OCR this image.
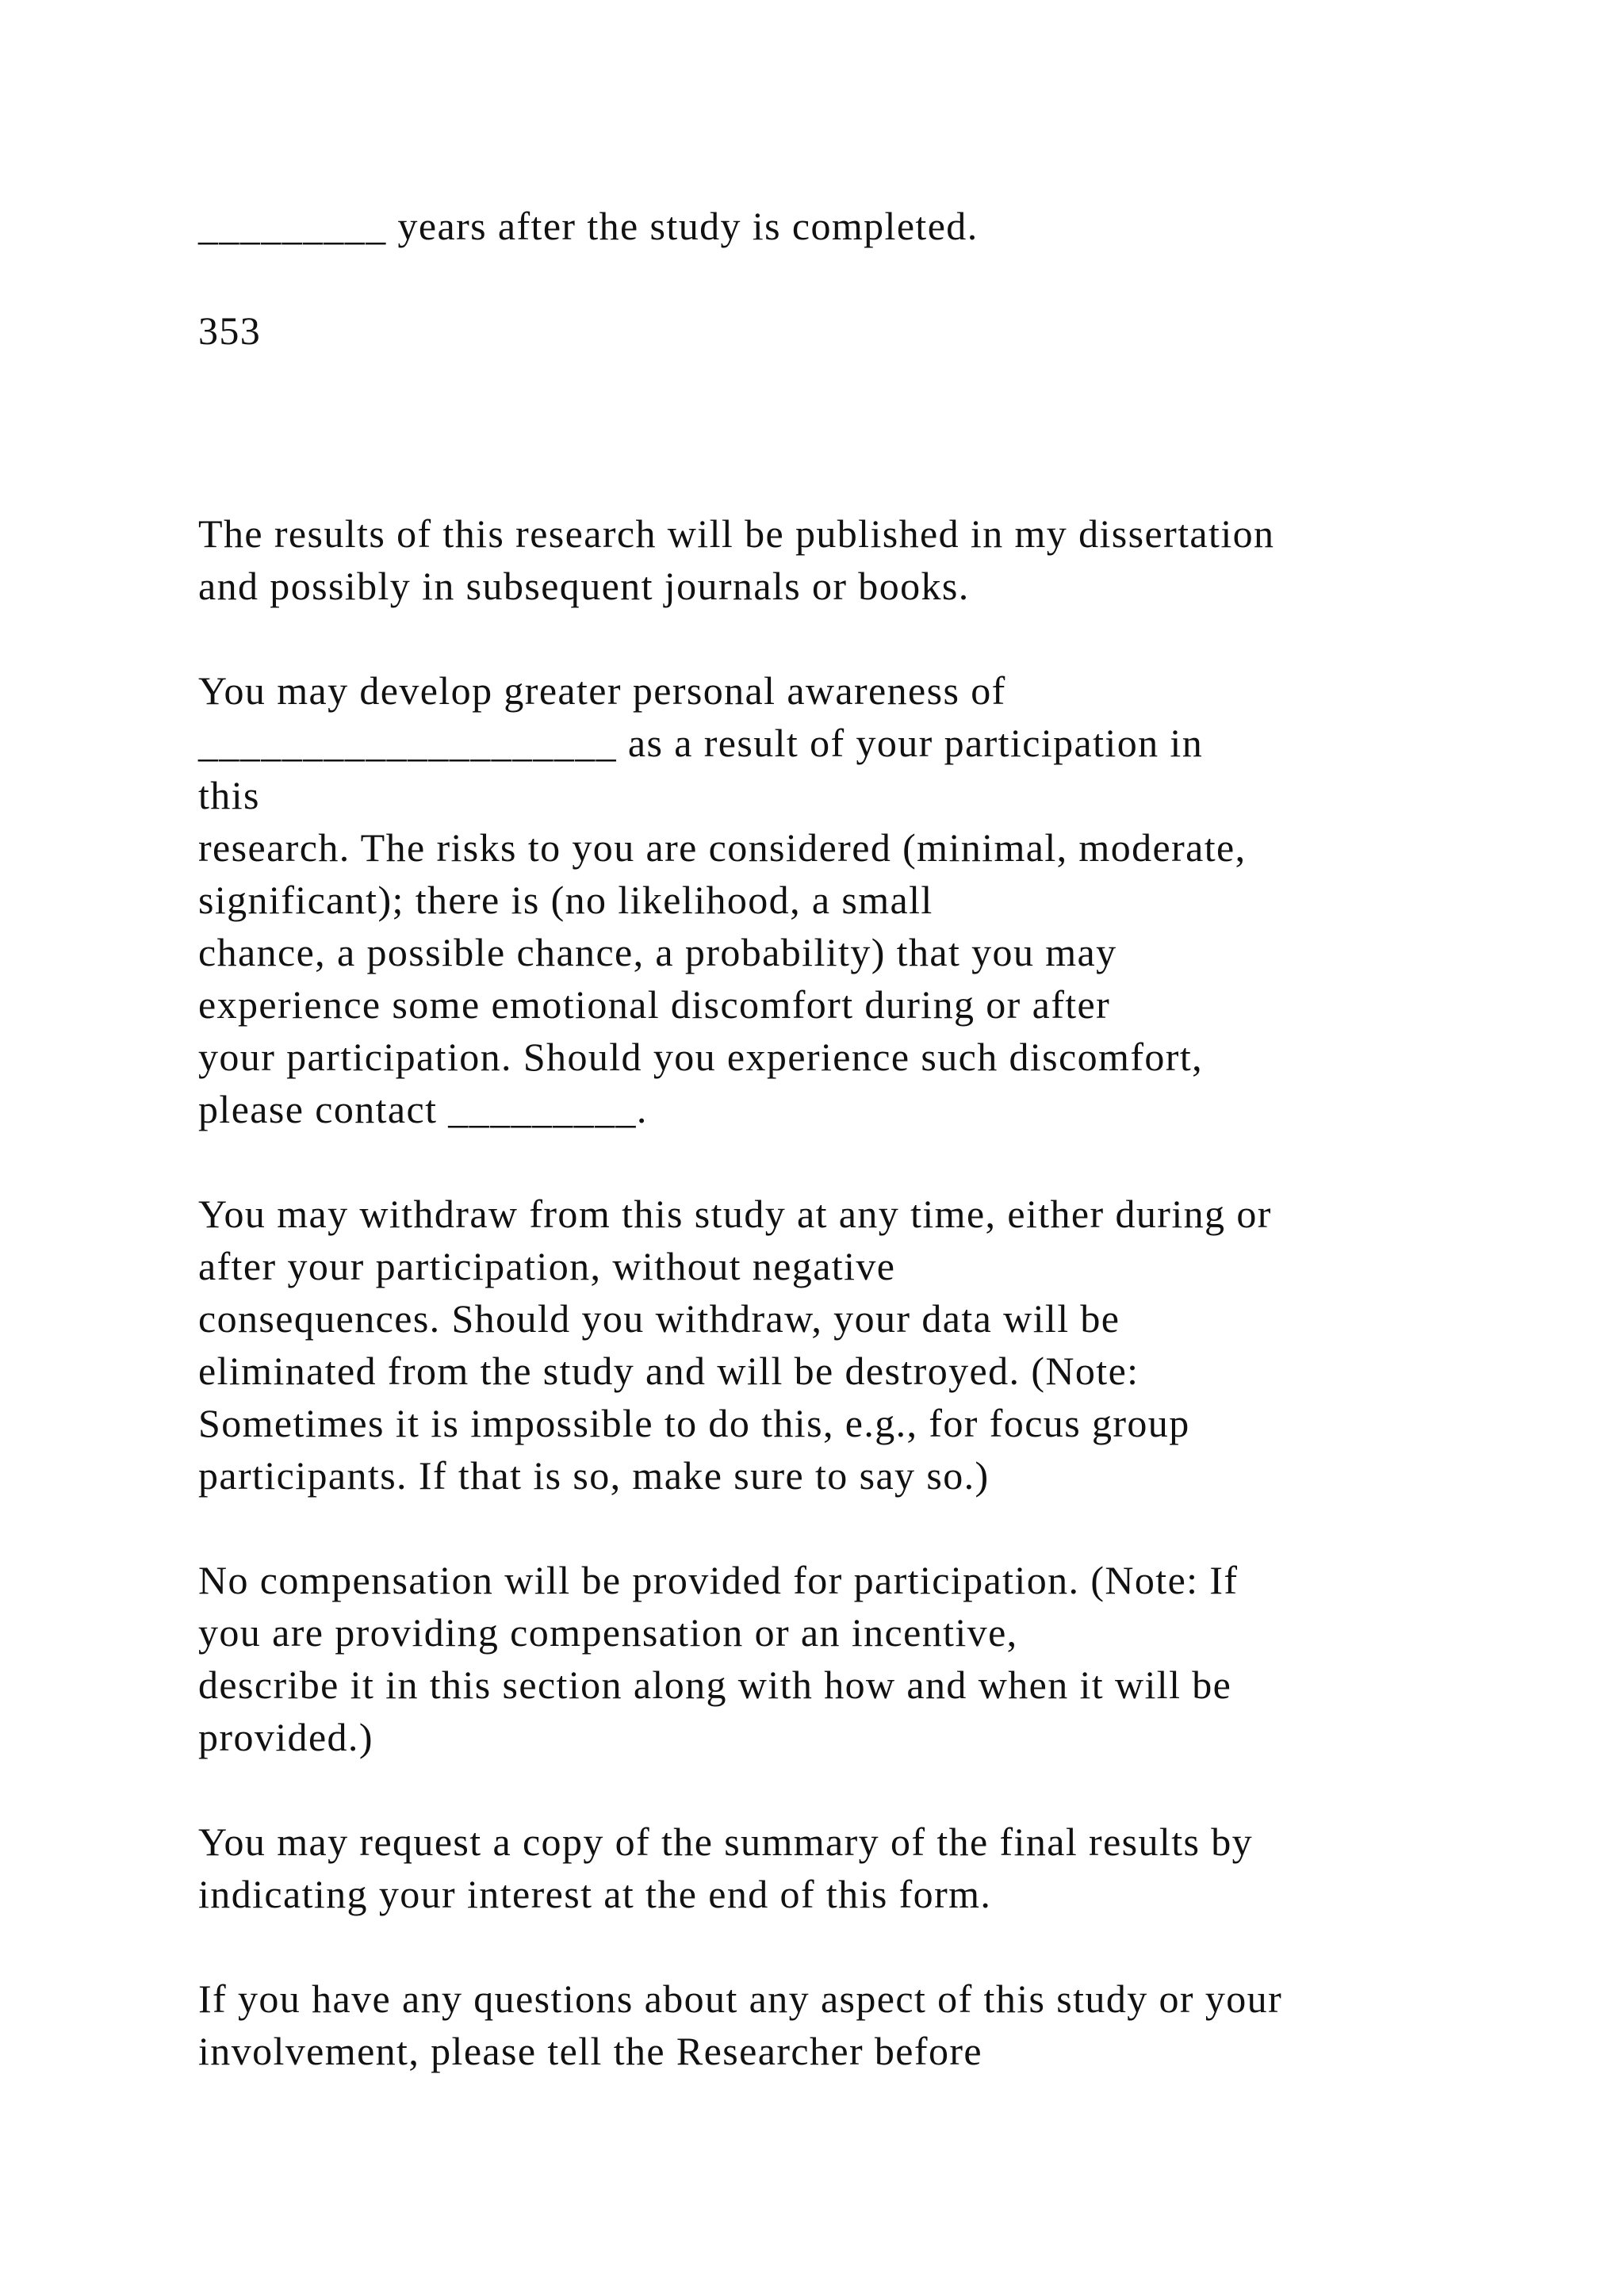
_________ years after the study is completed.
353
The results of this research will be published in my dissertation
and possibly in subsequent journals or books.
You may develop greater personal awareness of
____________________ as a result of your participation in
this
research. The risks to you are considered (minimal, moderate,
significant); there is (no likelihood, a small
chance, a possible chance, a probability) that you may
experience some emotional discomfort during or after
your participation. Should you experience such discomfort,
please contact _________.
You may withdraw from this study at any time, either during or
after your participation, without negative
consequences. Should you withdraw, your data will be
eliminated from the study and will be destroyed. (Note:
Sometimes it is impossible to do this, e.g., for focus group
participants. If that is so, make sure to say so.)
No compensation will be provided for participation. (Note: If
you are providing compensation or an incentive,
describe it in this section along with how and when it will be
provided.)
You may request a copy of the summary of the final results by
indicating your interest at the end of this form.
If you have any questions about any aspect of this study or your
involvement, please tell the Researcher before
